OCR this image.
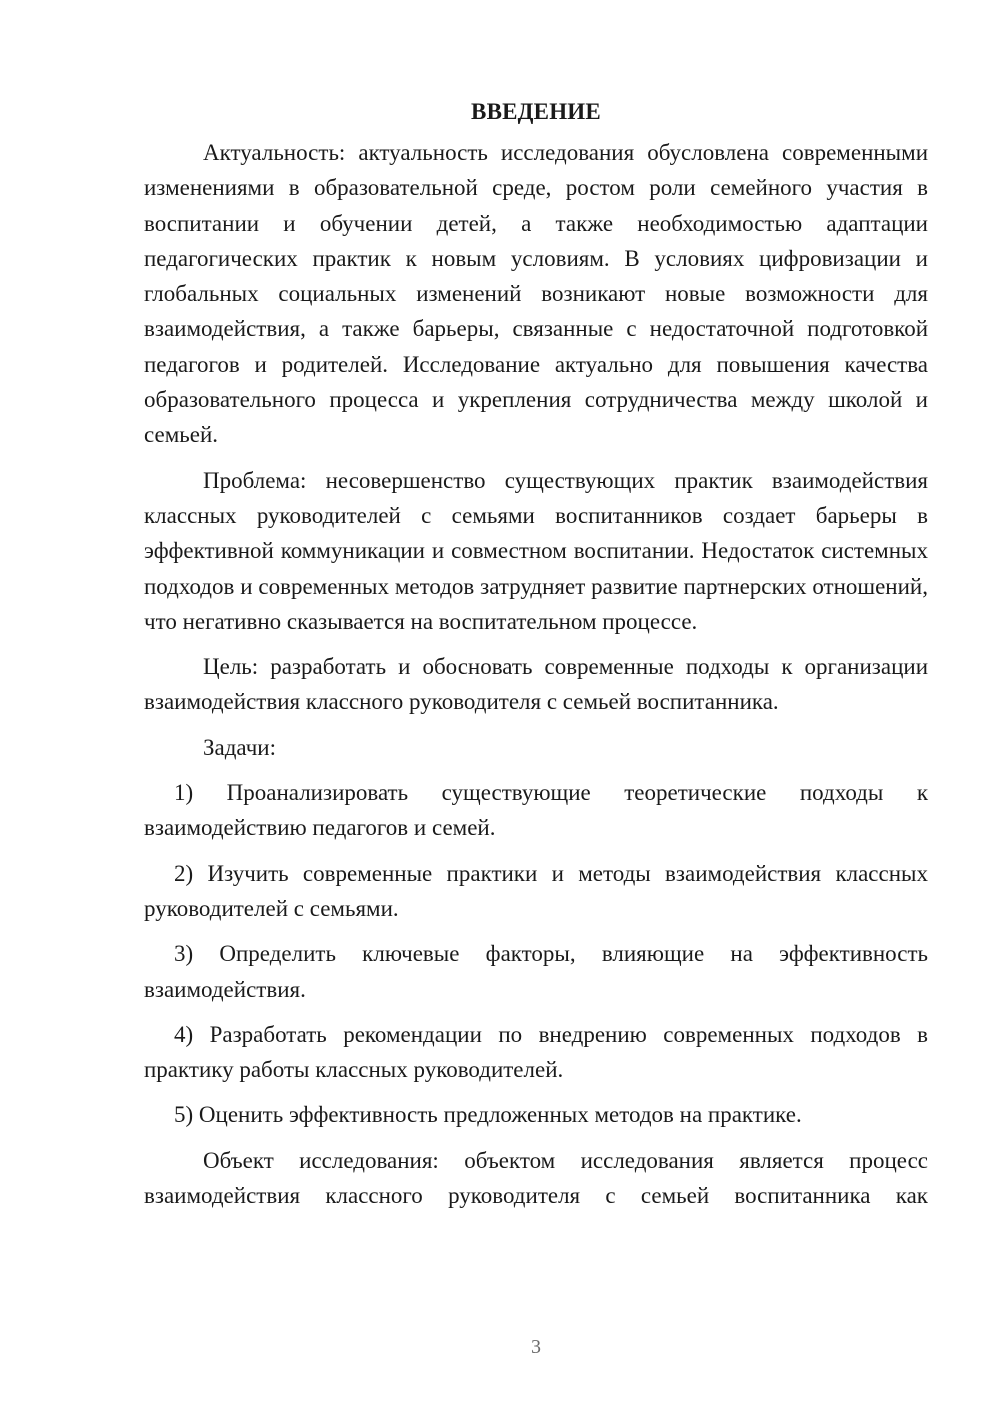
ВВЕДЕНИЕ

Актуальность: актуальность исследования обусловлена современными изменениями в образовательной среде, ростом роли семейного участия в воспитании и обучении детей, а также необходимостью адаптации педагогических практик к новым условиям. В условиях цифровизации и глобальных социальных изменений возникают новые возможности для взаимодействия, а также барьеры, связанные с недостаточной подготовкой педагогов и родителей. Исследование актуально для повышения качества образовательного процесса и укрепления сотрудничества между школой и семьей.

Проблема: несовершенство существующих практик взаимодействия классных руководителей с семьями воспитанников создает барьеры в эффективной коммуникации и совместном воспитании. Недостаток системных подходов и современных методов затрудняет развитие партнерских отношений, что негативно сказывается на воспитательном процессе.

Цель: разработать и обосновать современные подходы к организации взаимодействия классного руководителя с семьей воспитанника.

Задачи:

1) Проанализировать существующие теоретические подходы к взаимодействию педагогов и семей.

2) Изучить современные практики и методы взаимодействия классных руководителей с семьями.

3) Определить ключевые факторы, влияющие на эффективность взаимодействия.

4) Разработать рекомендации по внедрению современных подходов в практику работы классных руководителей.

5) Оценить эффективность предложенных методов на практике.

Объект исследования: объектом исследования является процесс взаимодействия классного руководителя с семьей воспитанника как

3
